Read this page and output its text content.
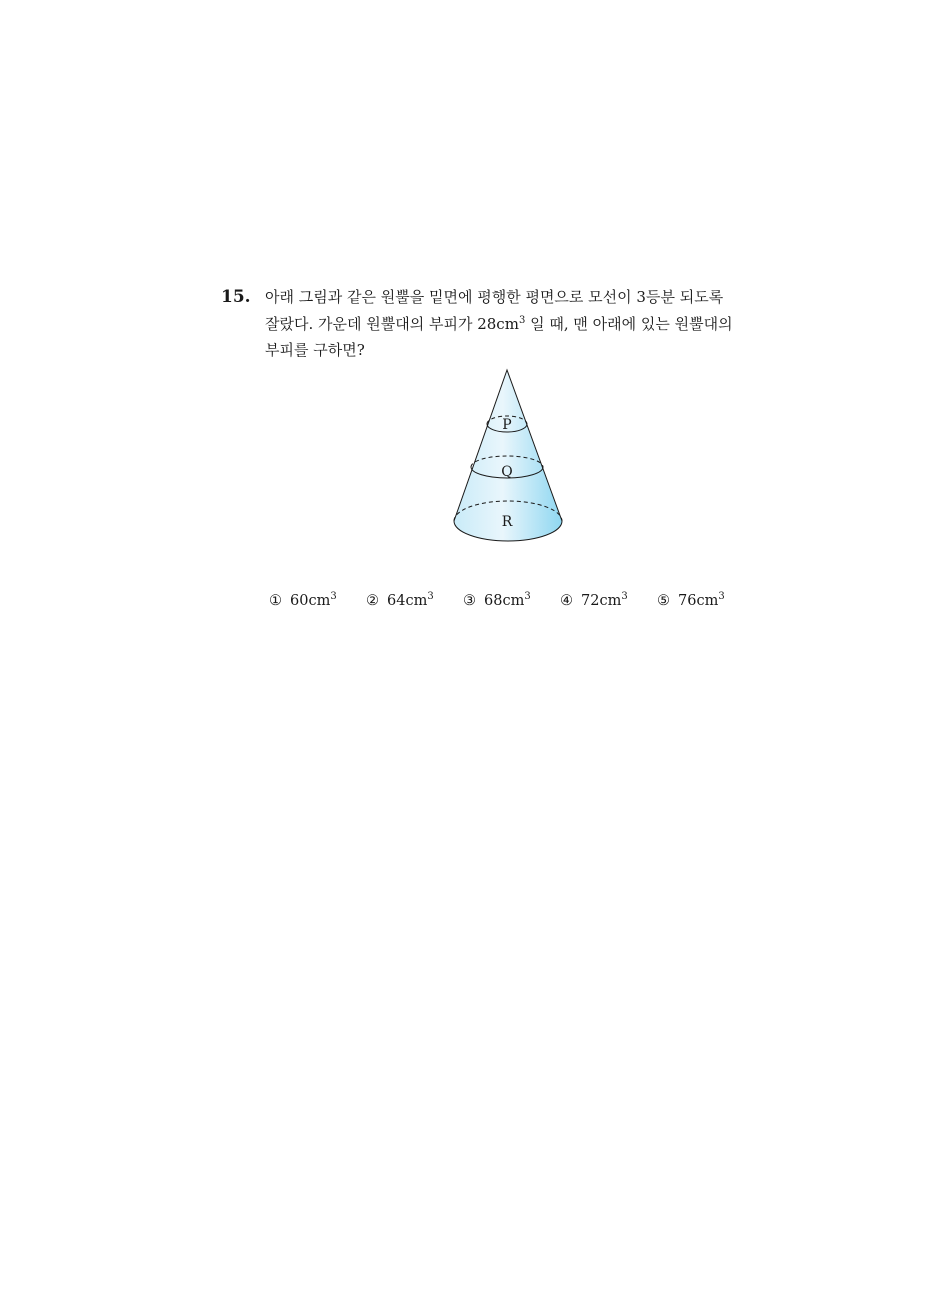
15. 아래 그림과 같은 원뿔을 밑면에 평행한 평면으로 모선이 3등분 되도록
잘랐다. 가운데 원뿔대의 부피가 $28cm^3$ 일 때, 맨 아래에 있는 원뿔대의
부피를 구하면?
P
Q
R
① $60cm^3$ ② $64cm^3$ ③ $68cm^3$ ④ $72cm^3$ ⑤ $76cm^3$
